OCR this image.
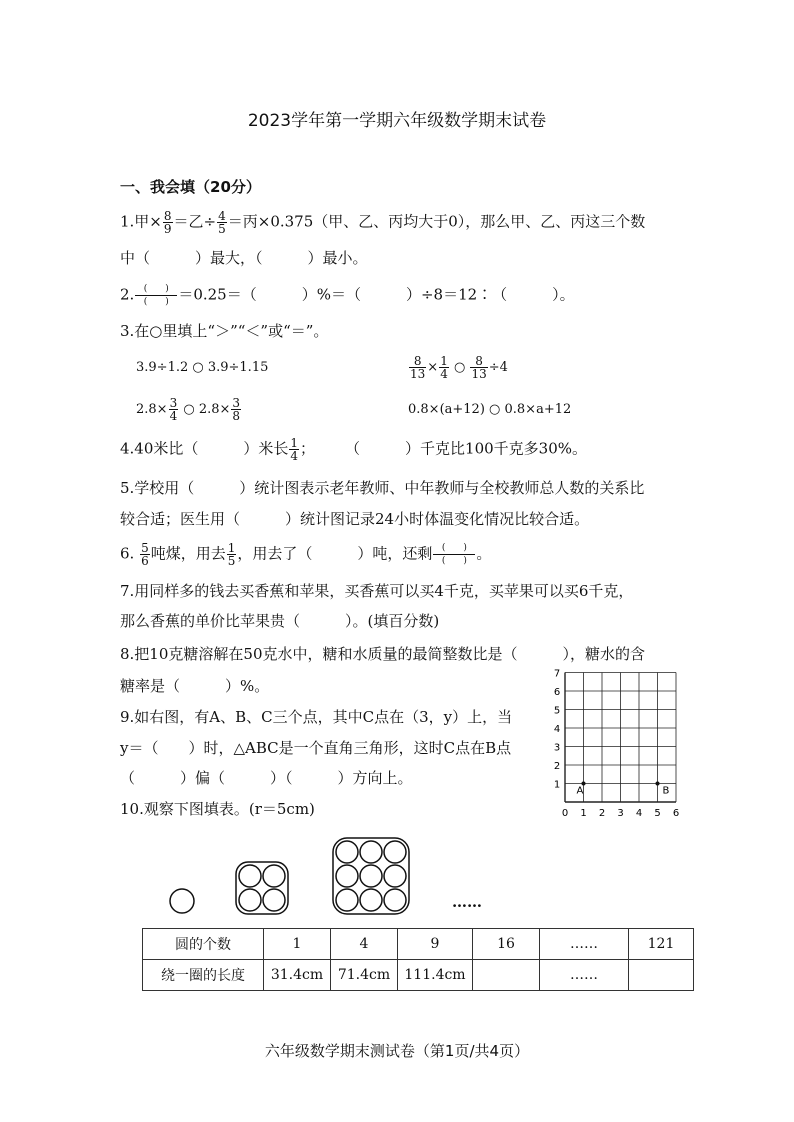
2023学年第一学期六年级数学期末试卷
一、我会填（20分）
1.甲× $\frac{8}{9}$ ＝乙÷ $\frac{4}{5}$ ＝丙×0.375（甲、乙、丙均大于0），那么甲、乙、丙这三个数
中（　　　）最大，（　　　）最小。
2. $\frac{( )}{( )} =0.25=$（　　　）%＝（　　　）÷8＝12∶（　　　）。
3.在○里填上“＞”“＜”或“＝”。
3.9÷1.2 ○ 3.9÷1.15	$\frac{8}{13} \times \frac{1}{4}$ ○ $\frac{8}{13} \div 4$
$2.8\times \frac{3}{4}$ ○ $2.8\times \frac{3}{8}$	0.8×(a+12) ○ 0.8×a+12
4.40米比（　　　）米长 $\frac{1}{4}$ ；　　　（　　　）千克比100千克多30%。
5.学校用（　　　）统计图表示老年教师、中年教师与全校教师总人数的关系比
较合适；医生用（　　　）统计图记录24小时体温变化情况比较合适。
6. $\frac{5}{6}$ 吨煤，用去 $\frac{1}{5}$ ，用去了（　　　）吨，还剩 $\frac{( )}{( )}$ 。
7.用同样多的钱去买香蕉和苹果，买香蕉可以买4千克，买苹果可以买6千克，
那么香蕉的单价比苹果贵（　　　）。(填百分数)
8.把10克糖溶解在50克水中，糖和水质量的最简整数比是（　　　），糖水的含
糖率是（　　　）%。
9.如右图，有A、B、C三个点，其中C点在（3，y）上，当
y＝（　　）时，△ABC是一个直角三角形，这时C点在B点
（　　　）偏（　　　）（　　　）方向上。
10.观察下图填表。(r＝5cm)	0 1 2 3 4 5 6
1
2
3
4
5
6
7
A	B
……
圆的个数	1	4	9	16	……	121
绕一圈的长度	31.4cm	71.4cm	111.4cm		……	
六年级数学期末测试卷（第1页/共4页）
